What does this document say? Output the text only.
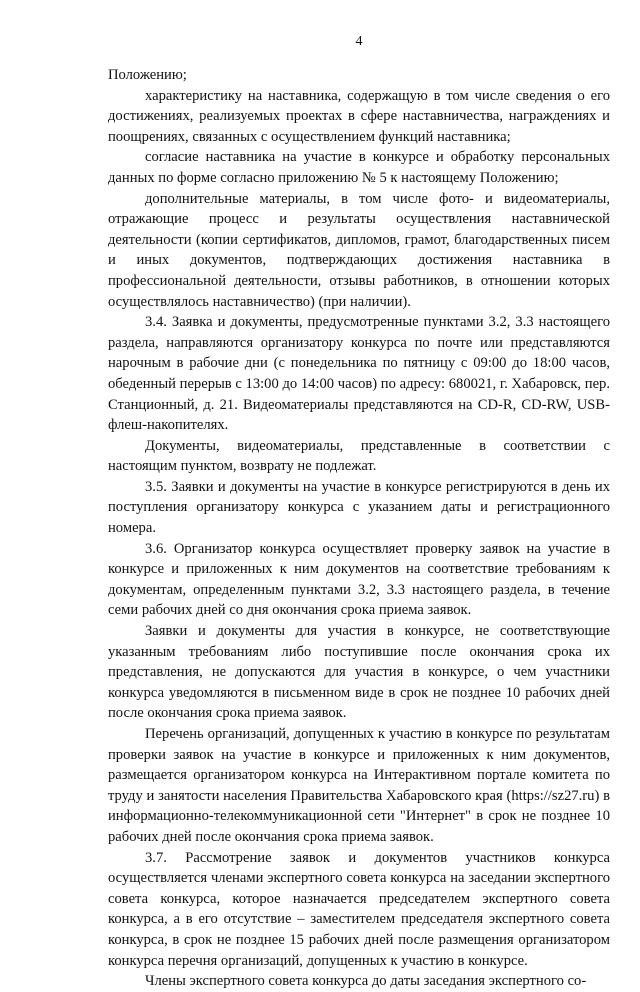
4

Положению;

характеристику на наставника, содержащую в том числе сведения о его достижениях, реализуемых проектах в сфере наставничества, награждениях и поощрениях, связанных с осуществлением функций наставника;

согласие наставника на участие в конкурсе и обработку персональных данных по форме согласно приложению № 5 к настоящему Положению;

дополнительные материалы, в том числе фото- и видеоматериалы, отражающие процесс и результаты осуществления наставнической деятельности (копии сертификатов, дипломов, грамот, благодарственных писем и иных документов, подтверждающих достижения наставника в профессиональной деятельности, отзывы работников, в отношении которых осуществлялось наставничество) (при наличии).

3.4. Заявка и документы, предусмотренные пунктами 3.2, 3.3 настоящего раздела, направляются организатору конкурса по почте или представляются нарочным в рабочие дни (с понедельника по пятницу с 09:00 до 18:00 часов, обеденный перерыв с 13:00 до 14:00 часов) по адресу: 680021, г. Хабаровск, пер. Станционный, д. 21. Видеоматериалы представляются на CD-R, CD-RW, USB-флеш-накопителях.

Документы, видеоматериалы, представленные в соответствии с настоящим пунктом, возврату не подлежат.

3.5. Заявки и документы на участие в конкурсе регистрируются в день их поступления организатору конкурса с указанием даты и регистрационного номера.

3.6. Организатор конкурса осуществляет проверку заявок на участие в конкурсе и приложенных к ним документов на соответствие требованиям к документам, определенным пунктами 3.2, 3.3 настоящего раздела, в течение семи рабочих дней со дня окончания срока приема заявок.

Заявки и документы для участия в конкурсе, не соответствующие указанным требованиям либо поступившие после окончания срока их представления, не допускаются для участия в конкурсе, о чем участники конкурса уведомляются в письменном виде в срок не позднее 10 рабочих дней после окончания срока приема заявок.

Перечень организаций, допущенных к участию в конкурсе по результатам проверки заявок на участие в конкурсе и приложенных к ним документов, размещается организатором конкурса на Интерактивном портале комитета по труду и занятости населения Правительства Хабаровского края (https://sz27.ru) в информационно-телекоммуникационной сети "Интернет" в срок не позднее 10 рабочих дней после окончания срока приема заявок.

3.7. Рассмотрение заявок и документов участников конкурса осуществляется членами экспертного совета конкурса на заседании экспертного совета конкурса, которое назначается председателем экспертного совета конкурса, а в его отсутствие – заместителем председателя экспертного совета конкурса, в срок не позднее 15 рабочих дней после размещения организатором конкурса перечня организаций, допущенных к участию в конкурсе.

Члены экспертного совета конкурса до даты заседания экспертного со-
